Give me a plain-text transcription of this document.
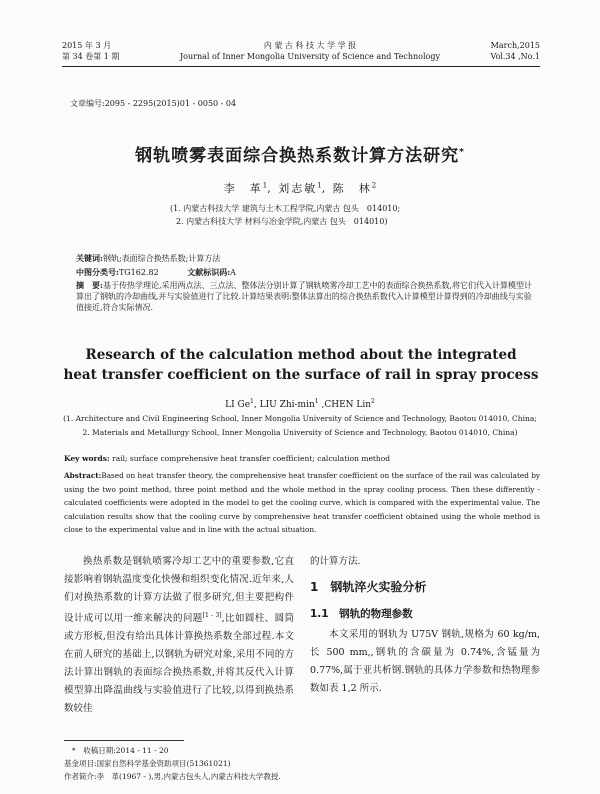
2015 年 3 月
第 34 卷第 1 期
内 蒙 古 科 技 大 学 学 报
Journal of Inner Mongolia University of Science and Technology
March,2015
Vol.34 ,No.1
文章编号:2095 - 2295(2015)01 - 0050 - 04
钢轨喷雾表面综合换热系数计算方法研究*
李　革$^1$, 刘志敏$^1$, 陈　林$^2$
(1. 内蒙古科技大学 建筑与土木工程学院,内蒙古 包头　014010;
2. 内蒙古科技大学 材料与冶金学院,内蒙古 包头　014010)
关键词:钢轨;表面综合换热系数;计算方法
中图分类号:TG162.82	文献标识码:A
摘　要:基于传热学理论,采用两点法、三点法、整体法分别计算了钢轨喷雾冷却工艺中的表面综合换热系数,将它们代入计算模型计算出了钢轨的冷却曲线,并与实验值进行了比较.计算结果表明:整体法算出的综合换热系数代入计算模型计算得到的冷却曲线与实验值接近,符合实际情况.
Research of the calculation method about the integrated
heat transfer coefficient on the surface of rail in spray process
LI Ge$^1$, LIU Zhi-$\min^1$ ,CHEN Lin$^2$
(1. Architecture and Civil Engineering School, Inner Mongolia University of Science and Technology, Baotou 014010, China;
2. Materials and Metallurgy School, Inner Mongolia University of Science and Technology, Baotou 014010, China)
Key words: rail; surface comprehensive heat transfer coefficient; calculation method
Abstract:Based on heat transfer theory, the comprehensive heat transfer coefficient on the surface of the rail was calculated by using the two point method, three point method and the whole method in the spray cooling process. Then these differently - calculated coefficients were adopted in the model to get the cooling curve, which is compared with the experimental value. The calculation results show that the cooling curve by comprehensive heat transfer coefficient obtained using the whole method is close to the experimental value and in line with the actual situation.
换热系数是钢轨喷雾冷却工艺中的重要参数,它直接影响着钢轨温度变化快慢和组织变化情况.近年来,人们对换热系数的计算方法做了很多研究,但主要把构件设计成可以用一维来解决的问题[1 - 3],比如圆柱、圆筒或方形板,但没有给出具体计算换热系数全部过程.本文在前人研究的基础上,以钢轨为研究对象,采用不同的方法计算出钢轨的表面综合换热系数,并将其反代入计算模型算出降温曲线与实验值进行了比较,以得到换热系数较佳
的计算方法.
1　钢轨淬火实验分析
1.1　钢轨的物理参数
本文采用的钢轨为 U75V 钢轨,规格为 60 kg/m,长 500 mm,,钢轨的含碳量为 0.74%,含锰量为 0.77%,属于亚共析钢.钢轨的具体力学参数和热物理参数如表 1,2 所示.
*　收稿日期:2014 - 11 - 20
基金项目:国家自然科学基金资助项目(51361021)
作者简介:李　革(1967 - ),男,内蒙古包头人,内蒙古科技大学教授.
